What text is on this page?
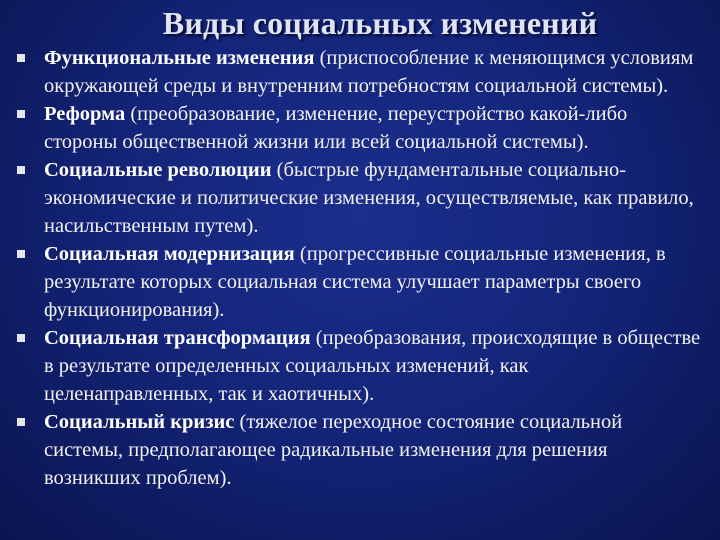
Виды социальных изменений
Функциональные изменения (приспособление к меняющимся условиям окружающей среды и внутренним потребностям социальной системы).
Реформа (преобразование, изменение, переустройство какой-либо стороны общественной жизни или всей социальной системы).
Социальные революции (быстрые фундаментальные социально-экономические и политические изменения, осуществляемые, как правило, насильственным путем).
Социальная модернизация (прогрессивные социальные изменения, в результате которых социальная система улучшает параметры своего функционирования).
Социальная трансформация (преобразования, происходящие в обществе в результате определенных социальных изменений, как целенаправленных, так и хаотичных).
Социальный кризис (тяжелое переходное состояние социальной системы, предполагающее радикальные изменения для решения возникших проблем).
